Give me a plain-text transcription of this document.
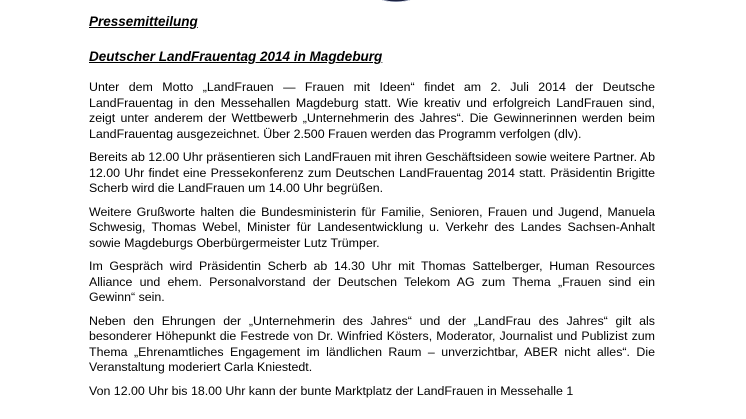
Pressemitteilung
Deutscher LandFrauentag 2014 in Magdeburg

Unter dem Motto „LandFrauen — Frauen mit Ideen“ findet am 2. Juli 2014 der Deutsche LandFrauentag in den Messehallen Magdeburg statt. Wie kreativ und erfolgreich LandFrauen sind, zeigt unter anderem der Wettbewerb „Unternehmerin des Jahres“. Die Gewinnerinnen werden beim LandFrauentag ausgezeichnet. Über 2.500 Frauen werden das Programm verfolgen (dlv).

Bereits ab 12.00 Uhr präsentieren sich LandFrauen mit ihren Geschäftsideen sowie weitere Partner. Ab 12.00 Uhr findet eine Pressekonferenz zum Deutschen LandFrauentag 2014 statt. Präsidentin Brigitte Scherb wird die LandFrauen um 14.00 Uhr begrüßen.

Weitere Grußworte halten die Bundesministerin für Familie, Senioren, Frauen und Jugend, Manuela Schwesig, Thomas Webel, Minister für Landesentwicklung u. Verkehr des Landes Sachsen-Anhalt sowie Magdeburgs Oberbürgermeister Lutz Trümper.

Im Gespräch wird Präsidentin Scherb ab 14.30 Uhr mit Thomas Sattelberger, Human Resources Alliance und ehem. Personalvorstand der Deutschen Telekom AG zum Thema „Frauen sind ein Gewinn“ sein.

Neben den Ehrungen der „Unternehmerin des Jahres“ und der „LandFrau des Jahres“ gilt als besonderer Höhepunkt die Festrede von Dr. Winfried Kösters, Moderator, Journalist und Publizist zum Thema „Ehrenamtliches Engagement im ländlichen Raum – unverzichtbar, ABER nicht alles“. Die Veranstaltung moderiert Carla Kniestedt.

Von 12.00 Uhr bis 18.00 Uhr kann der bunte Marktplatz der LandFrauen in Messehalle 1
